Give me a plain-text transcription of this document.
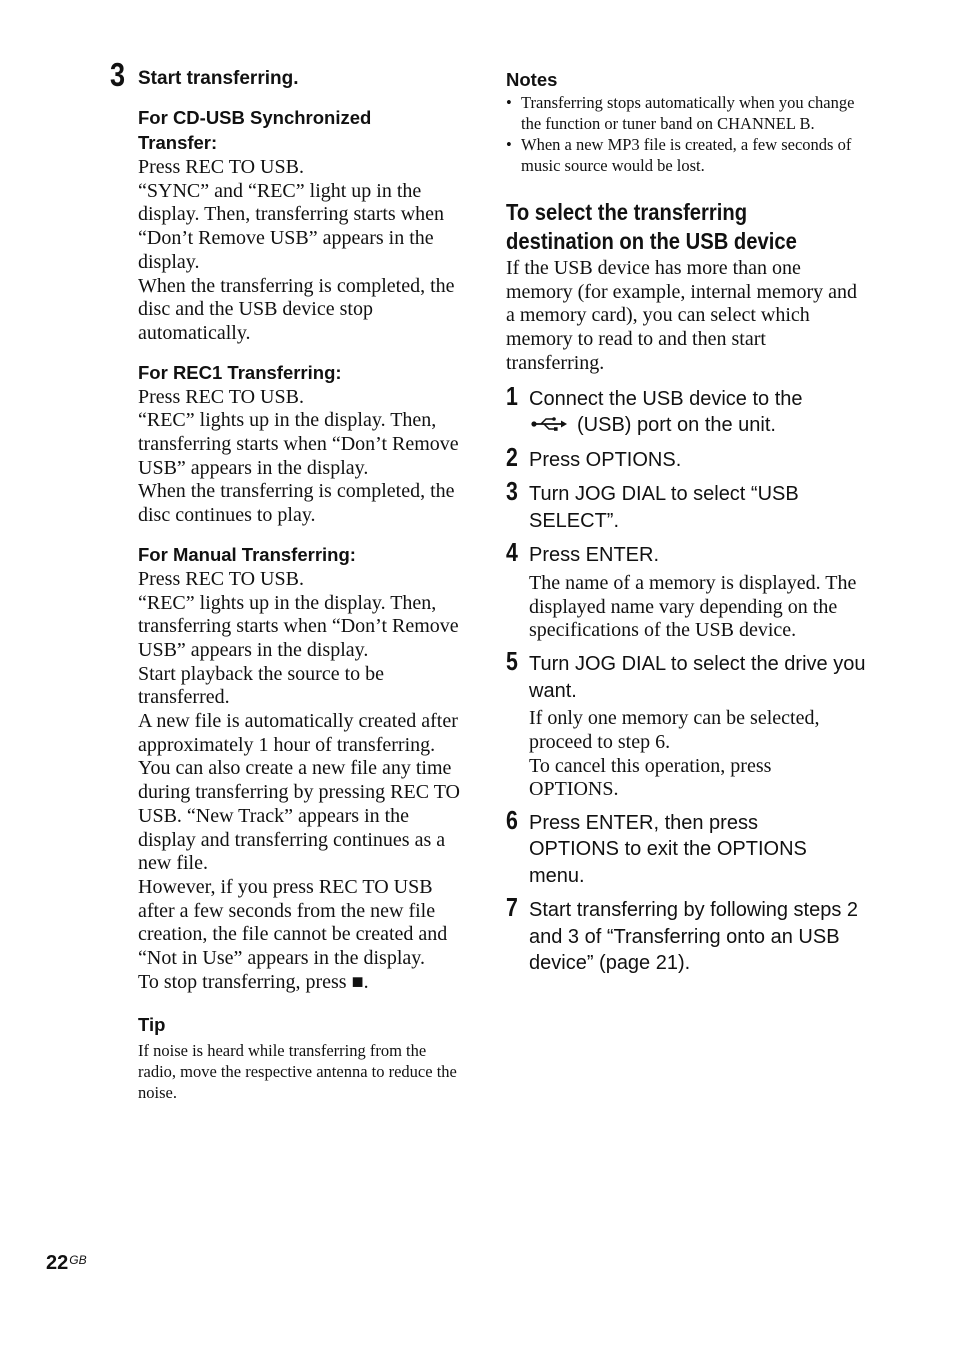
3 Start transferring.
For CD-USB Synchronized Transfer:
Press REC TO USB.
“SYNC” and “REC” light up in the display. Then, transferring starts when “Don’t Remove USB” appears in the display.
When the transferring is completed, the disc and the USB device stop automatically.
For REC1 Transferring:
Press REC TO USB.
“REC” lights up in the display. Then, transferring starts when “Don’t Remove USB” appears in the display.
When the transferring is completed, the disc continues to play.
For Manual Transferring:
Press REC TO USB.
“REC” lights up in the display. Then, transferring starts when “Don’t Remove USB” appears in the display.
Start playback the source to be transferred.
A new file is automatically created after approximately 1 hour of transferring.
You can also create a new file any time during transferring by pressing REC TO USB. “New Track” appears in the display and transferring continues as a new file.
However, if you press REC TO USB after a few seconds from the new file creation, the file cannot be created and “Not in Use” appears in the display.
To stop transferring, press ■.
Tip
If noise is heard while transferring from the radio, move the respective antenna to reduce the noise.
Notes
• Transferring stops automatically when you change the function or tuner band on CHANNEL B.
• When a new MP3 file is created, a few seconds of music source would be lost.
To select the transferring
destination on the USB device
If the USB device has more than one memory (for example, internal memory and a memory card), you can select which memory to read to and then start transferring.
1 Connect the USB device to the
(USB) port on the unit.
2 Press OPTIONS.
3 Turn JOG DIAL to select “USB SELECT”.
4 Press ENTER.
The name of a memory is displayed. The displayed name vary depending on the specifications of the USB device.
5 Turn JOG DIAL to select the drive you want.
If only one memory can be selected, proceed to step 6.
To cancel this operation, press OPTIONS.
6 Press ENTER, then press OPTIONS to exit the OPTIONS menu.
7 Start transferring by following steps 2 and 3 of “Transferring onto an USB device” (page 21).
$22^{GB}$
